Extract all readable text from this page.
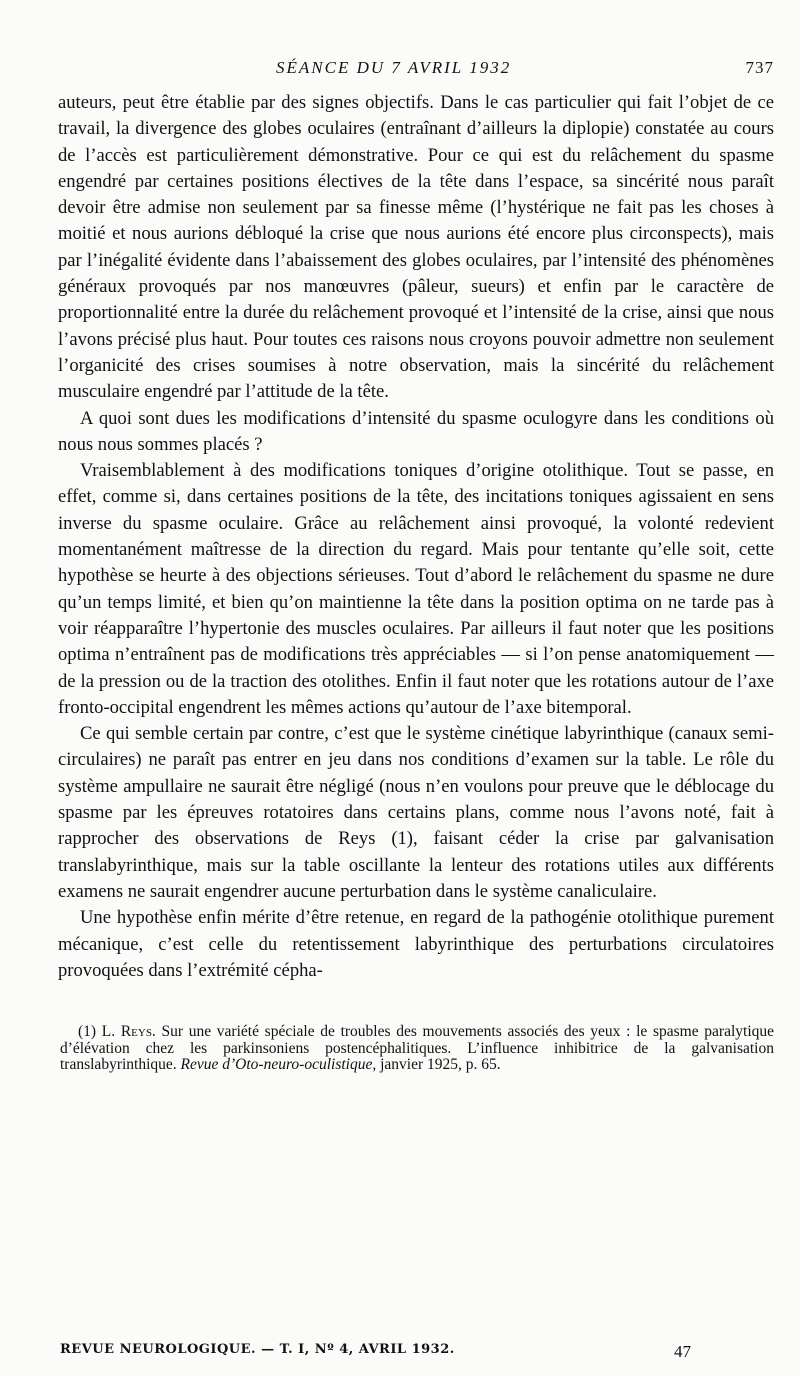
SÉANCE DU 7 AVRIL 1932	737

auteurs, peut être établie par des signes objectifs. Dans le cas particulier qui fait l’objet de ce travail, la divergence des globes oculaires (entraînant d’ailleurs la diplopie) constatée au cours de l’accès est particulièrement démonstrative. Pour ce qui est du relâchement du spasme engendré par certaines positions électives de la tête dans l’espace, sa sincérité nous paraît devoir être admise non seulement par sa finesse même (l’hystérique ne fait pas les choses à moitié et nous aurions débloqué la crise que nous aurions été encore plus circonspects), mais par l’inégalité évidente dans l’abaissement des globes oculaires, par l’intensité des phénomènes généraux provoqués par nos manœuvres (pâleur, sueurs) et enfin par le caractère de proportionnalité entre la durée du relâchement provoqué et l’intensité de la crise, ainsi que nous l’avons précisé plus haut. Pour toutes ces raisons nous croyons pouvoir admettre non seulement l’organicité des crises soumises à notre observation, mais la sincérité du relâchement musculaire engendré par l’attitude de la tête.

A quoi sont dues les modifications d’intensité du spasme oculogyre dans les conditions où nous nous sommes placés ?

Vraisemblablement à des modifications toniques d’origine otolithique. Tout se passe, en effet, comme si, dans certaines positions de la tête, des incitations toniques agissaient en sens inverse du spasme oculaire. Grâce au relâchement ainsi provoqué, la volonté redevient momentanément maîtresse de la direction du regard. Mais pour tentante qu’elle soit, cette hypothèse se heurte à des objections sérieuses. Tout d’abord le relâchement du spasme ne dure qu’un temps limité, et bien qu’on maintienne la tête dans la position optima on ne tarde pas à voir réapparaître l’hypertonie des muscles oculaires. Par ailleurs il faut noter que les positions optima n’entraînent pas de modifications très appréciables — si l’on pense anatomiquement — de la pression ou de la traction des otolithes. Enfin il faut noter que les rotations autour de l’axe fronto-occipital engendrent les mêmes actions qu’autour de l’axe bitemporal.

Ce qui semble certain par contre, c’est que le système cinétique labyrinthique (canaux semi-circulaires) ne paraît pas entrer en jeu dans nos conditions d’examen sur la table. Le rôle du système ampullaire ne saurait être négligé (nous n’en voulons pour preuve que le déblocage du spasme par les épreuves rotatoires dans certains plans, comme nous l’avons noté, fait à rapprocher des observations de Reys (1), faisant céder la crise par galvanisation translabyrinthique, mais sur la table oscillante la lenteur des rotations utiles aux différents examens ne saurait engendrer aucune perturbation dans le système canaliculaire.

Une hypothèse enfin mérite d’être retenue, en regard de la pathogénie otolithique purement mécanique, c’est celle du retentissement labyrinthique des perturbations circulatoires provoquées dans l’extrémité cépha-

(1) L. Reys. Sur une variété spéciale de troubles des mouvements associés des yeux : le spasme paralytique d’élévation chez les parkinsoniens postencéphalitiques. L’influence inhibitrice de la galvanisation translabyrinthique. Revue d’Oto-neuro-oculistique, janvier 1925, p. 65.
REVUE NEUROLOGIQUE. — T. I, Nº 4, AVRIL 1932.	47
